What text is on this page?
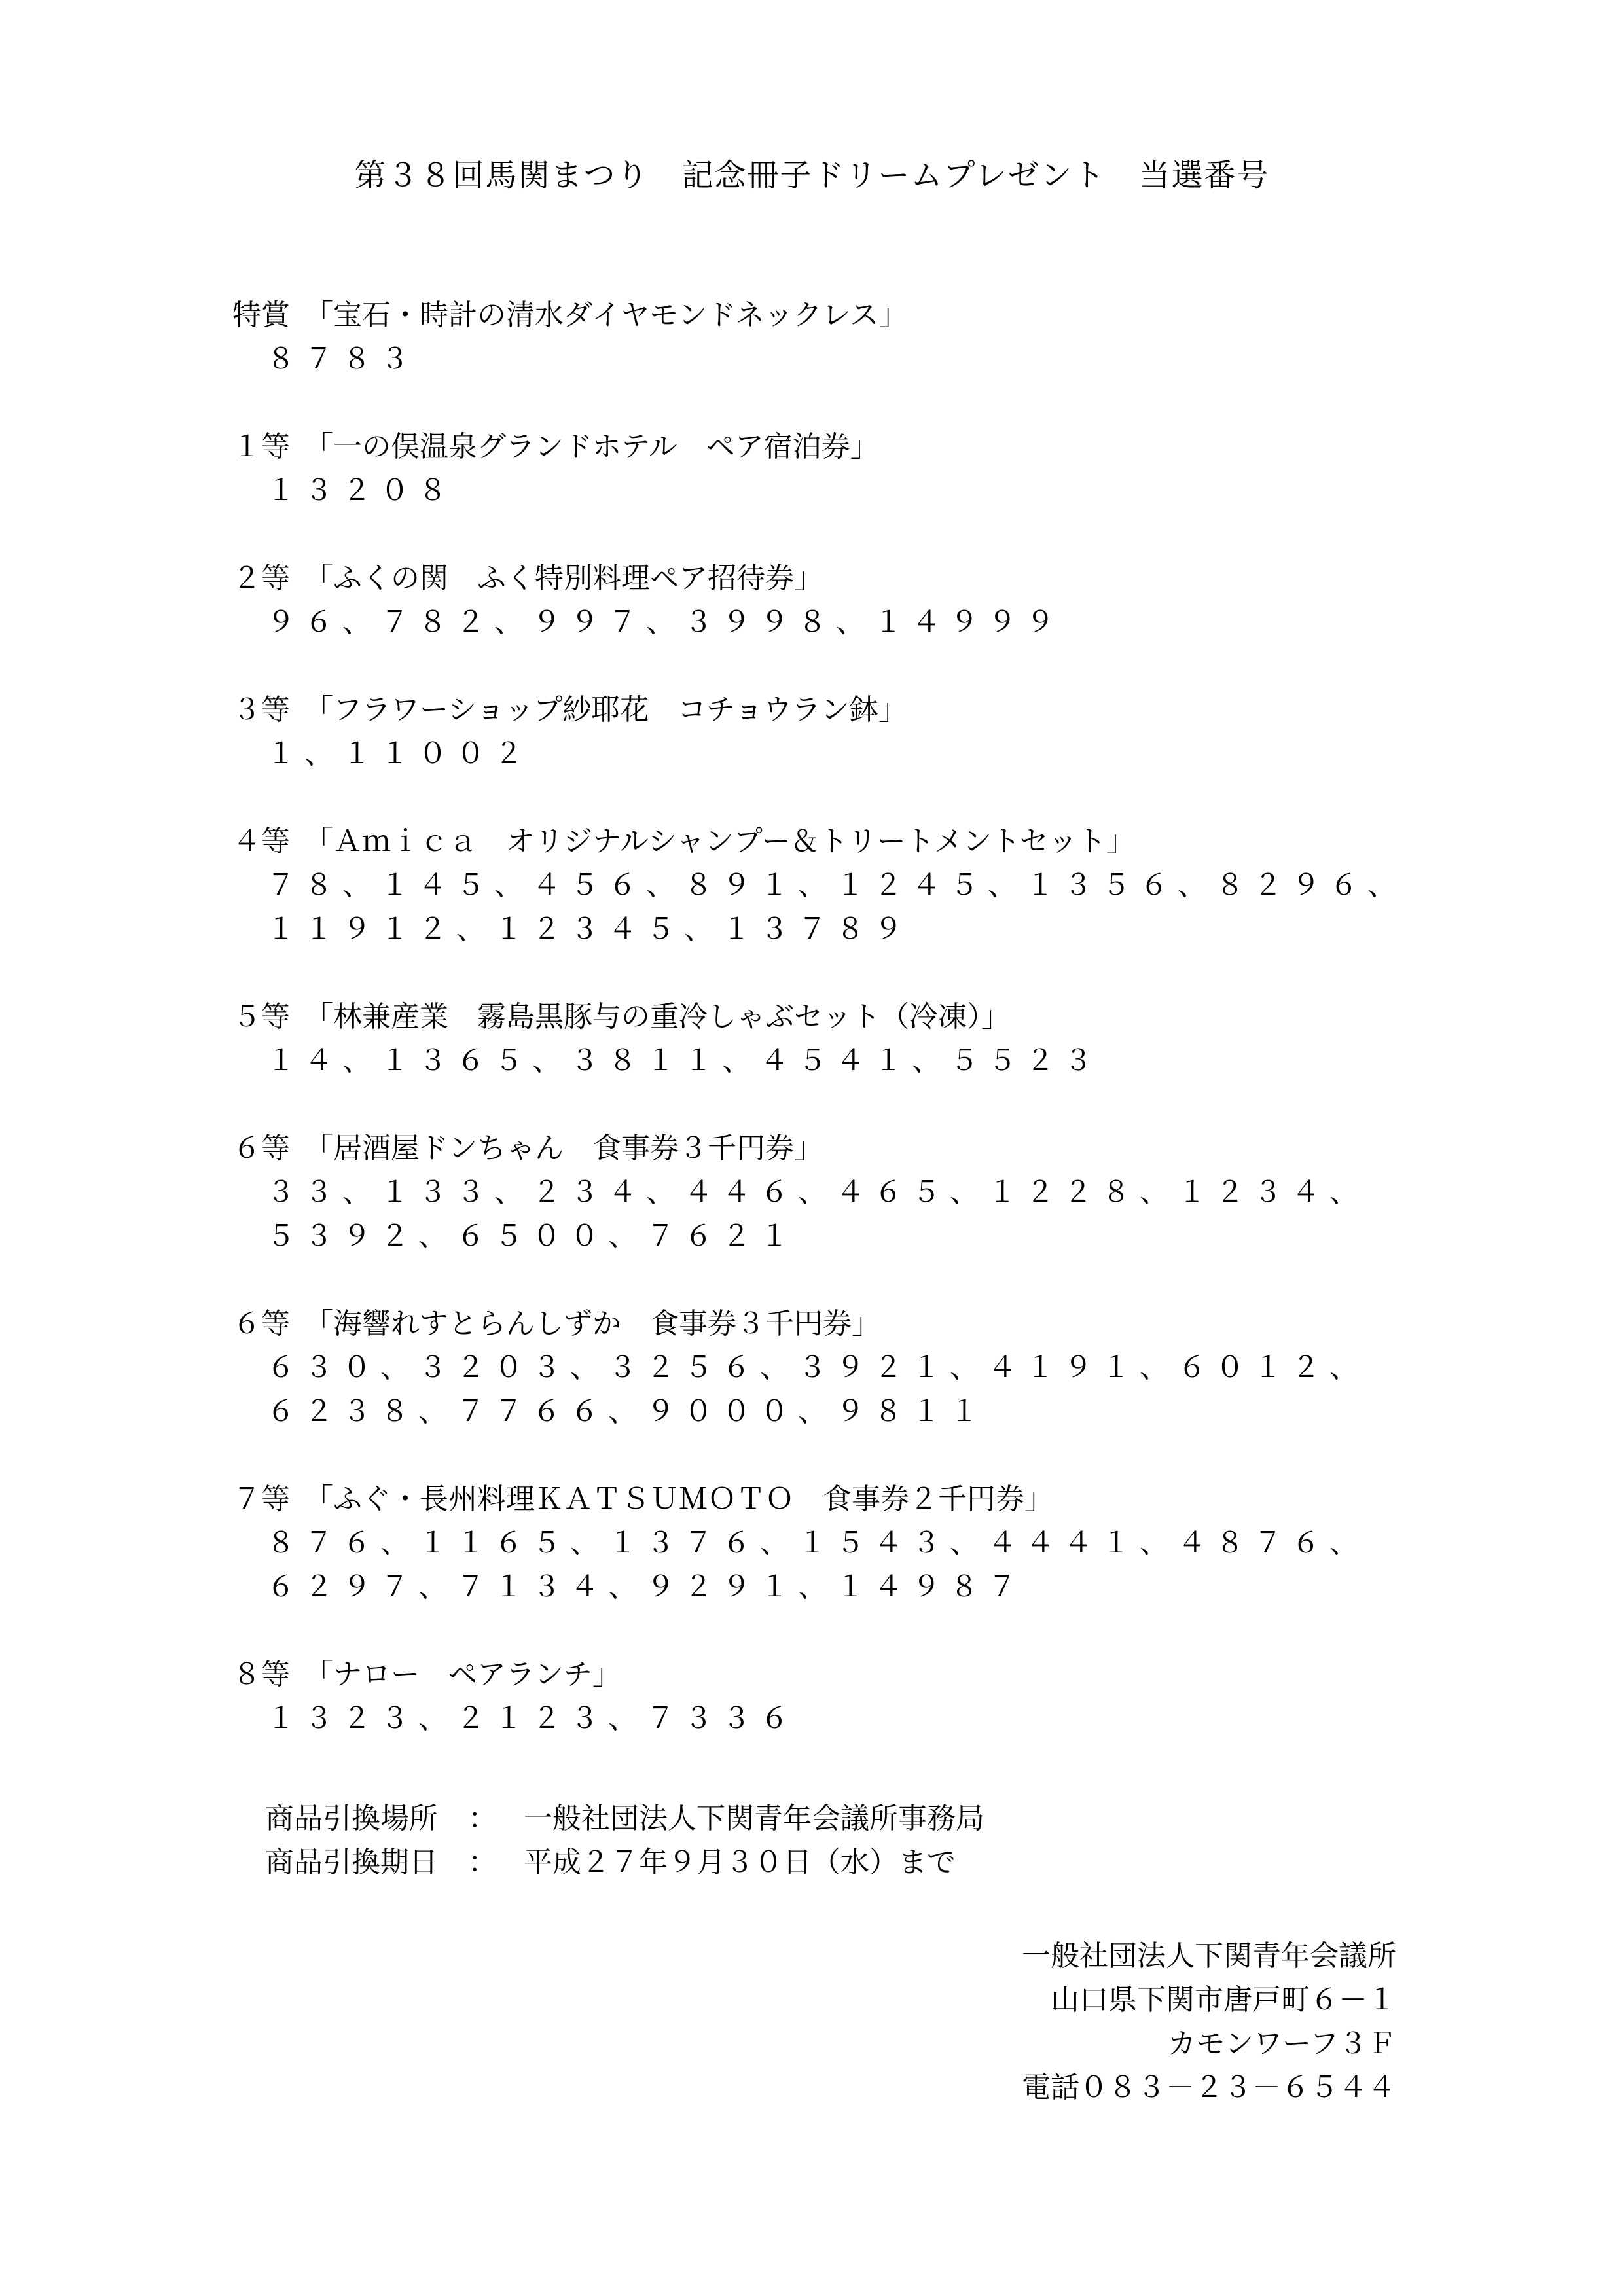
第３８回馬関まつり　記念冊子ドリームプレゼント　当選番号
特賞　「宝石・時計の清水ダイヤモンドネックレス」
８７８３
１等　「一の俣温泉グランドホテル　ペア宿泊券」
１３２０８
２等　「ふくの関　ふく特別料理ペア招待券」
９６、７８２、９９７、３９９８、１４９９９
３等　「フラワーショップ紗耶花　コチョウラン鉢」
１、１１００２
４等　「Ａｍｉｃａ　オリジナルシャンプー＆トリートメントセット」
７８、１４５、４５６、８９１、１２４５、１３５６、８２９６、
１１９１２、１２３４５、１３７８９
５等　「林兼産業　霧島黒豚与の重冷しゃぶセット（冷凍）」
１４、１３６５、３８１１、４５４１、５５２３
６等　「居酒屋ドンちゃん　食事券３千円券」
３３、１３３、２３４、４４６、４６５、１２２８、１２３４、
５３９２、６５００、７６２１
６等　「海響れすとらんしずか　食事券３千円券」
６３０、３２０３、３２５６、３９２１、４１９１、６０１２、
６２３８、７７６６、９０００、９８１１
７等　「ふぐ・長州料理ＫＡＴＳＵＭＯＴＯ　食事券２千円券」
８７６、１１６５、１３７６、１５４３、４４４１、４８７６、
６２９７、７１３４、９２９１、１４９８７
８等　「ナロー　ペアランチ」
１３２３、２１２３、７３３６
商品引換場所	： 一般社団法人下関青年会議所事務局
商品引換期日	： 平成２７年９月３０日（水）まで
一般社団法人下関青年会議所
山口県下関市唐戸町６－１
カモンワーフ３Ｆ
電話０８３－２３－６５４４
